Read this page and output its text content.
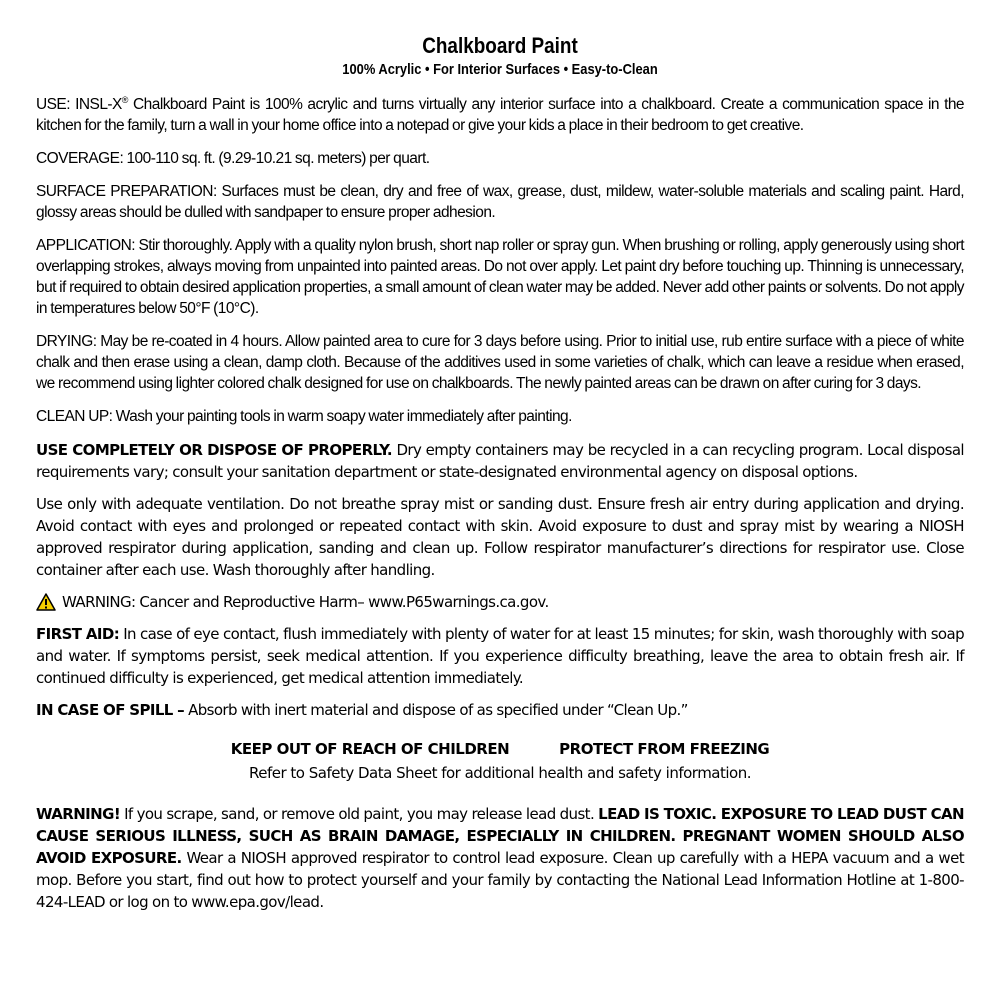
Chalkboard Paint
100% Acrylic • For Interior Surfaces • Easy-to-Clean

USE: INSL-X® Chalkboard Paint is 100% acrylic and turns virtually any interior surface into a chalkboard. Create a communication space in the kitchen for the family, turn a wall in your home office into a notepad or give your kids a place in their bedroom to get creative.

COVERAGE: 100-110 sq. ft. (9.29-10.21 sq. meters) per quart.

SURFACE PREPARATION: Surfaces must be clean, dry and free of wax, grease, dust, mildew, water-soluble materials and scaling paint. Hard, glossy areas should be dulled with sandpaper to ensure proper adhesion.

APPLICATION: Stir thoroughly. Apply with a quality nylon brush, short nap roller or spray gun. When brushing or rolling, apply generously using short overlapping strokes, always moving from unpainted into painted areas. Do not over apply. Let paint dry before touching up. Thinning is unnecessary, but if required to obtain desired application properties, a small amount of clean water may be added. Never add other paints or solvents. Do not apply in temperatures below 50°F (10°C).

DRYING: May be re-coated in 4 hours. Allow painted area to cure for 3 days before using. Prior to initial use, rub entire surface with a piece of white chalk and then erase using a clean, damp cloth. Because of the additives used in some varieties of chalk, which can leave a residue when erased, we recommend using lighter colored chalk designed for use on chalkboards. The newly painted areas can be drawn on after curing for 3 days.

CLEAN UP: Wash your painting tools in warm soapy water immediately after painting.

USE COMPLETELY OR DISPOSE OF PROPERLY. Dry empty containers may be recycled in a can recycling program. Local disposal requirements vary; consult your sanitation department or state-designated environmental agency on disposal options.

Use only with adequate ventilation. Do not breathe spray mist or sanding dust. Ensure fresh air entry during application and drying. Avoid contact with eyes and prolonged or repeated contact with skin. Avoid exposure to dust and spray mist by wearing a NIOSH approved respirator during application, sanding and clean up. Follow respirator manufacturer’s directions for respirator use. Close container after each use. Wash thoroughly after handling.

WARNING: Cancer and Reproductive Harm– www.P65warnings.ca.gov.

FIRST AID: In case of eye contact, flush immediately with plenty of water for at least 15 minutes; for skin, wash thoroughly with soap and water. If symptoms persist, seek medical attention. If you experience difficulty breathing, leave the area to obtain fresh air. If continued difficulty is experienced, get medical attention immediately.

IN CASE OF SPILL – Absorb with inert material and dispose of as specified under “Clean Up.”

KEEP OUT OF REACH OF CHILDREN	PROTECT FROM FREEZING
Refer to Safety Data Sheet for additional health and safety information.

WARNING! If you scrape, sand, or remove old paint, you may release lead dust. LEAD IS TOXIC. EXPOSURE TO LEAD DUST CAN CAUSE SERIOUS ILLNESS, SUCH AS BRAIN DAMAGE, ESPECIALLY IN CHILDREN. PREGNANT WOMEN SHOULD ALSO AVOID EXPOSURE. Wear a NIOSH approved respirator to control lead exposure. Clean up carefully with a HEPA vacuum and a wet mop. Before you start, find out how to protect yourself and your family by contacting the National Lead Information Hotline at 1-800-424-LEAD or log on to www.epa.gov/lead.
